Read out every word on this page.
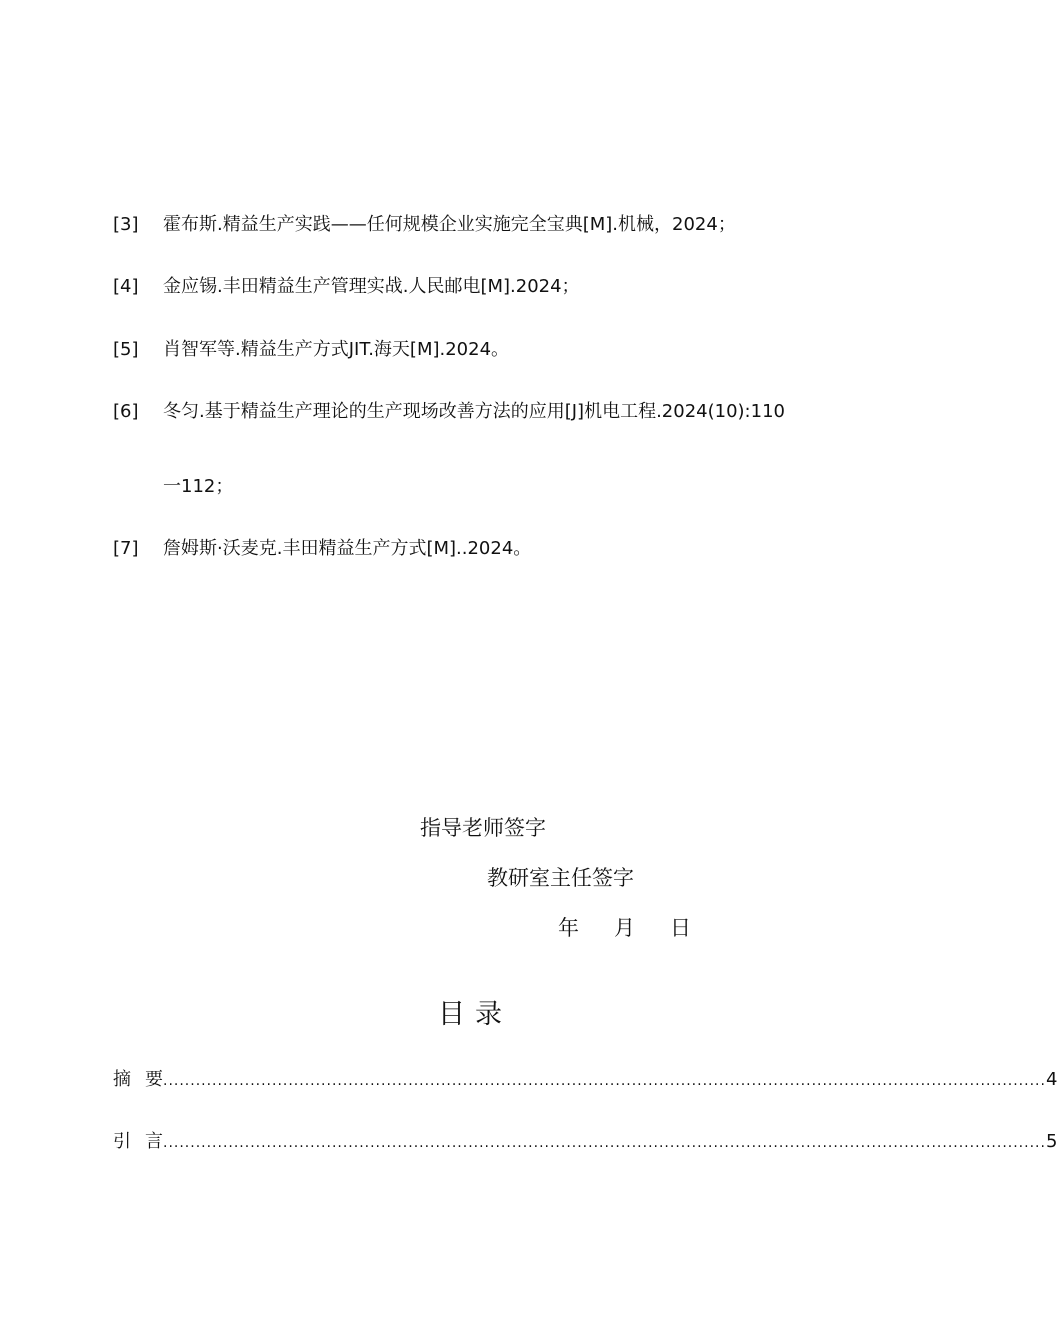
[3] 霍布斯.精益生产实践——任何规模企业实施完全宝典[M].机械，2024；
[4] 金应锡.丰田精益生产管理实战.人民邮电[M].2024；
[5] 肖智军等.精益生产方式JIT.海天[M].2024。
[6] 冬匀.基于精益生产理论的生产现场改善方法的应用[J]机电工程.2024(10):110
一112；
[7] 詹姆斯·沃麦克.丰田精益生产方式[M]..2024。
指导老师签字
教研室主任签字
年 月 日
目录
摘要
.................................................................................................................................................................. 4
引言
.................................................................................................................................................................. 5
